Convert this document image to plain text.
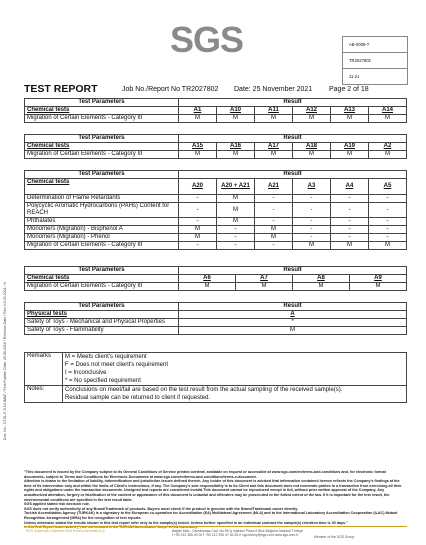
SGS	AB-0008-T
TR2027802
11-21
TEST REPORT	Job No./Report No TR2027802 Date: 25 November 2021 Page 2 of 18
Test Parameters	Result					
Chemical tests	A1	A10	A11	A12	A13	A14
Migration of Certain Elements - Category III	M	M	M	M	M	M
Test Parameters	Result					
Chemical tests	A15	A16	A17	A18	A19	A2
Migration of Certain Elements - Category III	M	M	M	M	M	M
Test Parameters	Result					
Chemical tests	A20	A20 + A21	A21	A3	A4	A5
Determination of Flame Retardants	-	M	-	-	-	-
Polycyclic Aromatic Hydrocarbons (PAHs) Content for REACH	-	M	-	-	-	-
Phthalates	-	M	-	-	-	-
Monomers (Migration) - Bisphenol A	M	-	M	-	-	-
Monomers (Migration) - Phenol	M	-	M	-	-	-
Migration of Certain Elements - Category III	-	-	-	M	M	M
Test Parameters	Result			
Chemical tests	A6	A7	A8	A9
Migration of Certain Elements - Category III	M	M	M	M
Test Parameters	Result
Physical tests	A
Safety of Toys - Mechanical and Physical Properties	*
Safety of Toys - Flammability	M
Remarks	M = Meets client's requirement
F = Does not meet client's requirement
I = Inconclusive
* = No specified requirement

Notes:	Conclusions on meet/fail are based on the test result from the actual sampling of the received sample(s).
Residual sample can be returned to client if requested.
Doc. No.: CTSL-F-5.10-IMAF / First Publish Date: 29.06.2016 / Revision Date / Rev 3.0 03.2021 / 6
"This document is issued by the Company subject to its General Conditions of Service printed overleaf, available on request or accessible at www.sgs.com/en/terms-and-conditions and, for electronic format documents, subject to Terms and Conditions for Electronic Documents at www.sgs.com/en/terms-and-conditions/terms-e-document.
Attention is drawn to the limitation of liability, indemnification and jurisdiction issues defined therein. Any holder of this document is advised that information contained hereon reflects the Company's findings at the time of its intervention only and within the limits of Client's instructions, if any. The Company's sole responsibility is to its Client and this document does not exonerate parties to a transaction from exercising all their rights and obligations under the transaction documents. Unsigned test reports are considered invalid.This document cannot be reproduced except in full, without prior written approval of the Company. Any unauthorized alteration, forgery or falsification of the content or appearance of this document is unlawful and offenders may be prosecuted to the fullest extent of the law. If it is important for the test result, the environmental conditions are specified in the test result table.
SGS applied stated risk decision rule.
SGS does not verify authenticity of any Brand/Trademark of products. Buyers must check if the product is genuine with the Brand/Trademark owner directly.
Turkish Accreditation Agency (TURKAK) is a signatory to the European co-operation for Accreditation (EA) Multilateral Agreement (MLA) and to the International Laboratory Accreditation Cooperation (ILAC) Mutual Recognition Arrangement (MRA) for the recognition of test reports.
Unless otherwise stated the results shown in this test report refer only to the sample(s) tested. Unless further specified in an individual contract the sample(s) retention time is 30 days."
In this Test Report tests marked (*) are not included in the TURKAK Accreditation Scope of this Laboratory.
SGS Supervise Gözetme Etüd Kontrol Servisleri A.Ş.	Bağlar Mah., Osmanpaşa Cad. No:95 İş İstanbul Plaza 5 Blok Bağcılar İstanbul Türkiye
t +90 212 368 40 00 f +90 212 296 47 82-83 e sgs.turkey@sgs.com www.sgs.com.tr	Member of the SGS Group
